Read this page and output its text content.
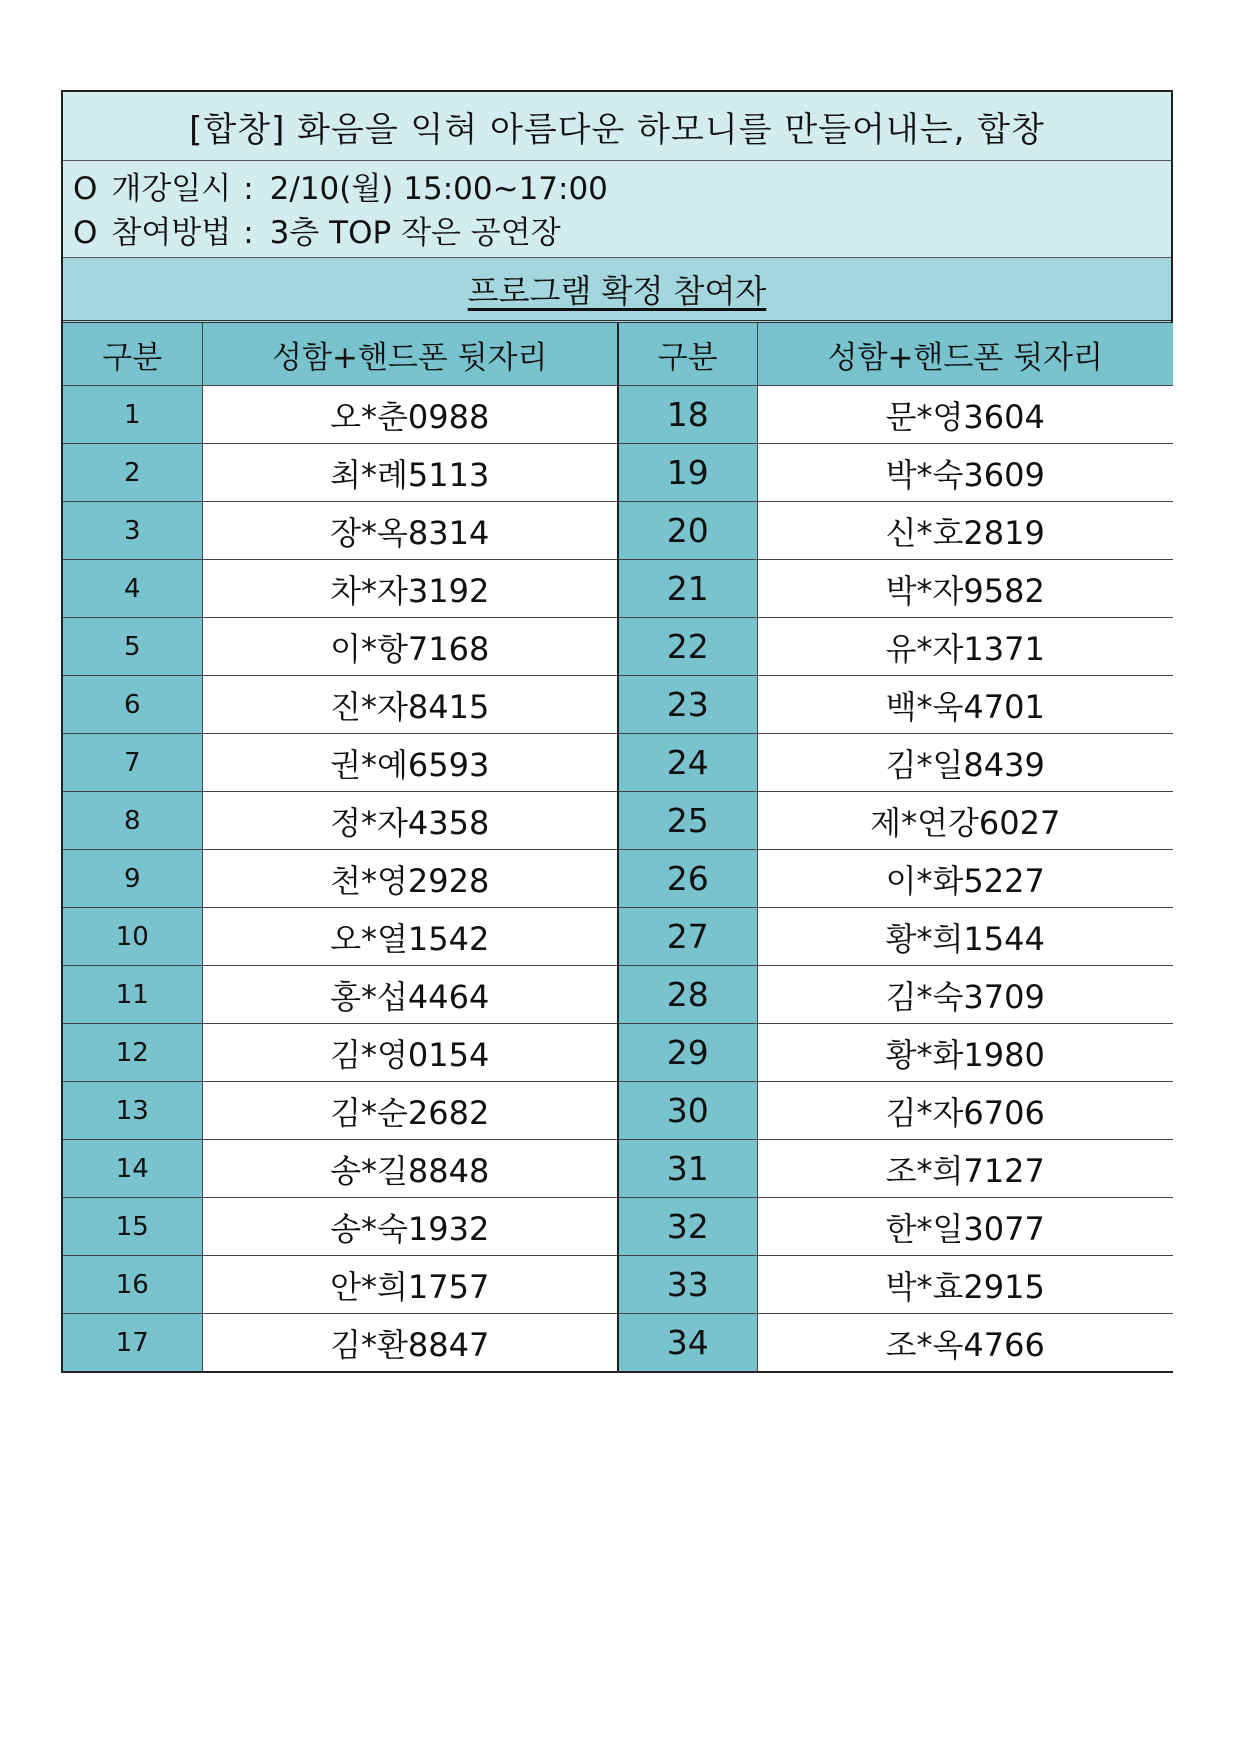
[합창] 화음을 익혀 아름다운 하모니를 만들어내는, 합창
O 개강일시 : 2/10(월) 15:00~17:00
O 참여방법 : 3층 TOP 작은 공연장
프로그램 확정 참여자
구분	성함+핸드폰 뒷자리	구분	성함+핸드폰 뒷자리
1	오*춘0988	18	문*영3604
2	최*례5113	19	박*숙3609
3	장*옥8314	20	신*호2819
4	차*자3192	21	박*자9582
5	이*항7168	22	유*자1371
6	진*자8415	23	백*욱4701
7	권*예6593	24	김*일8439
8	정*자4358	25	제*연강6027
9	천*영2928	26	이*화5227
10	오*열1542	27	황*희1544
11	홍*섭4464	28	김*숙3709
12	김*영0154	29	황*화1980
13	김*순2682	30	김*자6706
14	송*길8848	31	조*희7127
15	송*숙1932	32	한*일3077
16	안*희1757	33	박*효2915
17	김*환8847	34	조*옥4766
